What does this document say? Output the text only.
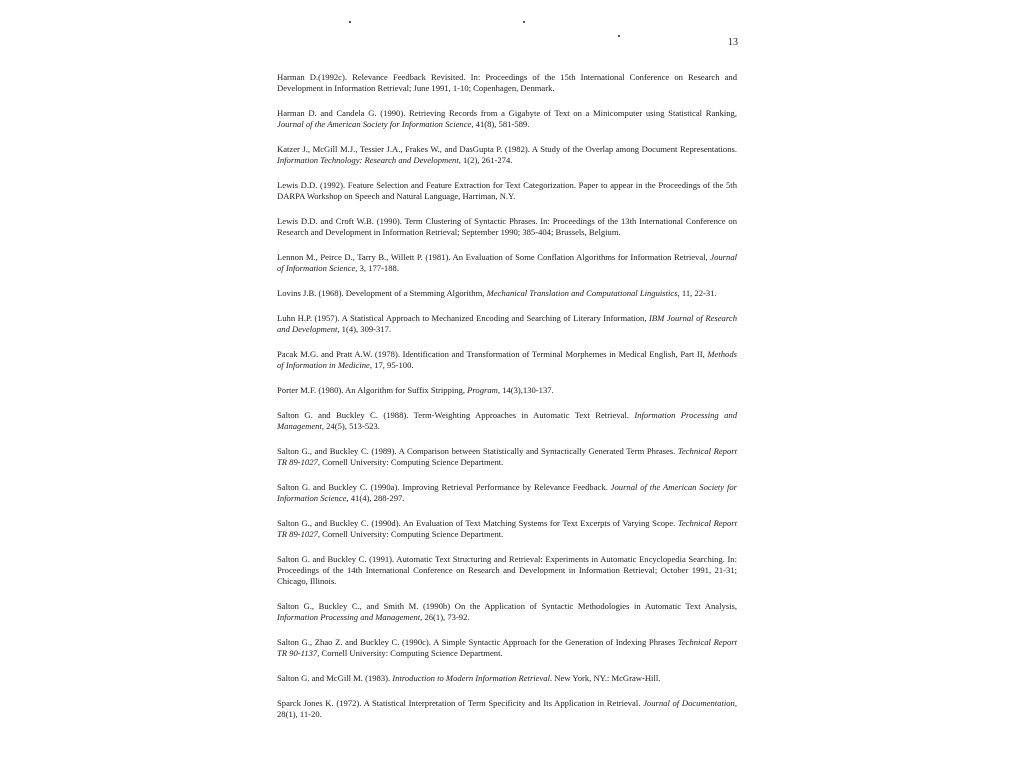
13
Harman D.(1992c). Relevance Feedback Revisited. In: Proceedings of the 15th International Conference on Research and Development in Information Retrieval; June 1991, 1-10; Copenhagen, Denmark.
Harman D. and Candela G. (1990). Retrieving Records from a Gigabyte of Text on a Minicomputer using Statistical Ranking, Journal of the American Society for Information Science, 41(8), 581-589.
Katzer J., McGill M.J., Tessier J.A., Frakes W., and DasGupta P. (1982). A Study of the Overlap among Document Representations. Information Technology: Research and Development, 1(2), 261-274.
Lewis D.D. (1992). Feature Selection and Feature Extraction for Text Categorization. Paper to appear in the Proceedings of the 5th DARPA Workshop on Speech and Natural Language, Harriman, N.Y.
Lewis D.D. and Croft W.B. (1990). Term Clustering of Syntactic Phrases. In: Proceedings of the 13th International Conference on Research and Development in Information Retrieval; September 1990; 385-404; Brussels, Belgium.
Lennon M., Peirce D., Tarry B., Willett P. (1981). An Evaluation of Some Conflation Algorithms for Information Retrieval, Journal of Information Science, 3, 177-188.
Lovins J.B. (1968). Development of a Stemming Algorithm, Mechanical Translation and Computational Linguistics, 11, 22-31.
Luhn H.P. (1957). A Statistical Approach to Mechanized Encoding and Searching of Literary Information, IBM Journal of Research and Development, 1(4), 309-317.
Pacak M.G. and Pratt A.W. (1978). Identification and Transformation of Terminal Morphemes in Medical English, Part II, Methods of Information in Medicine, 17, 95-100.
Porter M.F. (1980). An Algorithm for Suffix Stripping, Program, 14(3),130-137.
Salton G. and Buckley C. (1988). Term-Weighting Approaches in Automatic Text Retrieval. Information Processing and Management, 24(5), 513-523.
Salton G., and Buckley C. (1989). A Comparison between Statistically and Syntactically Generated Term Phrases. Technical Report TR 89-1027, Cornell University: Computing Science Department.
Salton G. and Buckley C. (1990a). Improving Retrieval Performance by Relevance Feedback. Journal of the American Society for Information Science, 41(4), 288-297.
Salton G., and Buckley C. (1990d). An Evaluation of Text Matching Systems for Text Excerpts of Varying Scope. Technical Report TR 89-1027, Cornell University: Computing Science Department.
Salton G. and Buckley C. (1991). Automatic Text Structuring and Retrieval: Experiments in Automatic Encyclopedia Searching. In: Proceedings of the 14th International Conference on Research and Development in Information Retrieval; October 1991, 21-31; Chicago, Illinois.
Salton G., Buckley C., and Smith M. (1990b) On the Application of Syntactic Methodologies in Automatic Text Analysis, Information Processing and Management, 26(1), 73-92.
Salton G., Zhao Z. and Buckley C. (1990c). A Simple Syntactic Approach for the Generation of Indexing Phrases Technical Report TR 90-1137, Cornell University: Computing Science Department.
Salton G. and McGill M. (1983). Introduction to Modern Information Retrieval. New York, NY.: McGraw-Hill.
Sparck Jones K. (1972). A Statistical Interpretation of Term Specificity and Its Application in Retrieval. Journal of Documentation, 28(1), 11-20.
